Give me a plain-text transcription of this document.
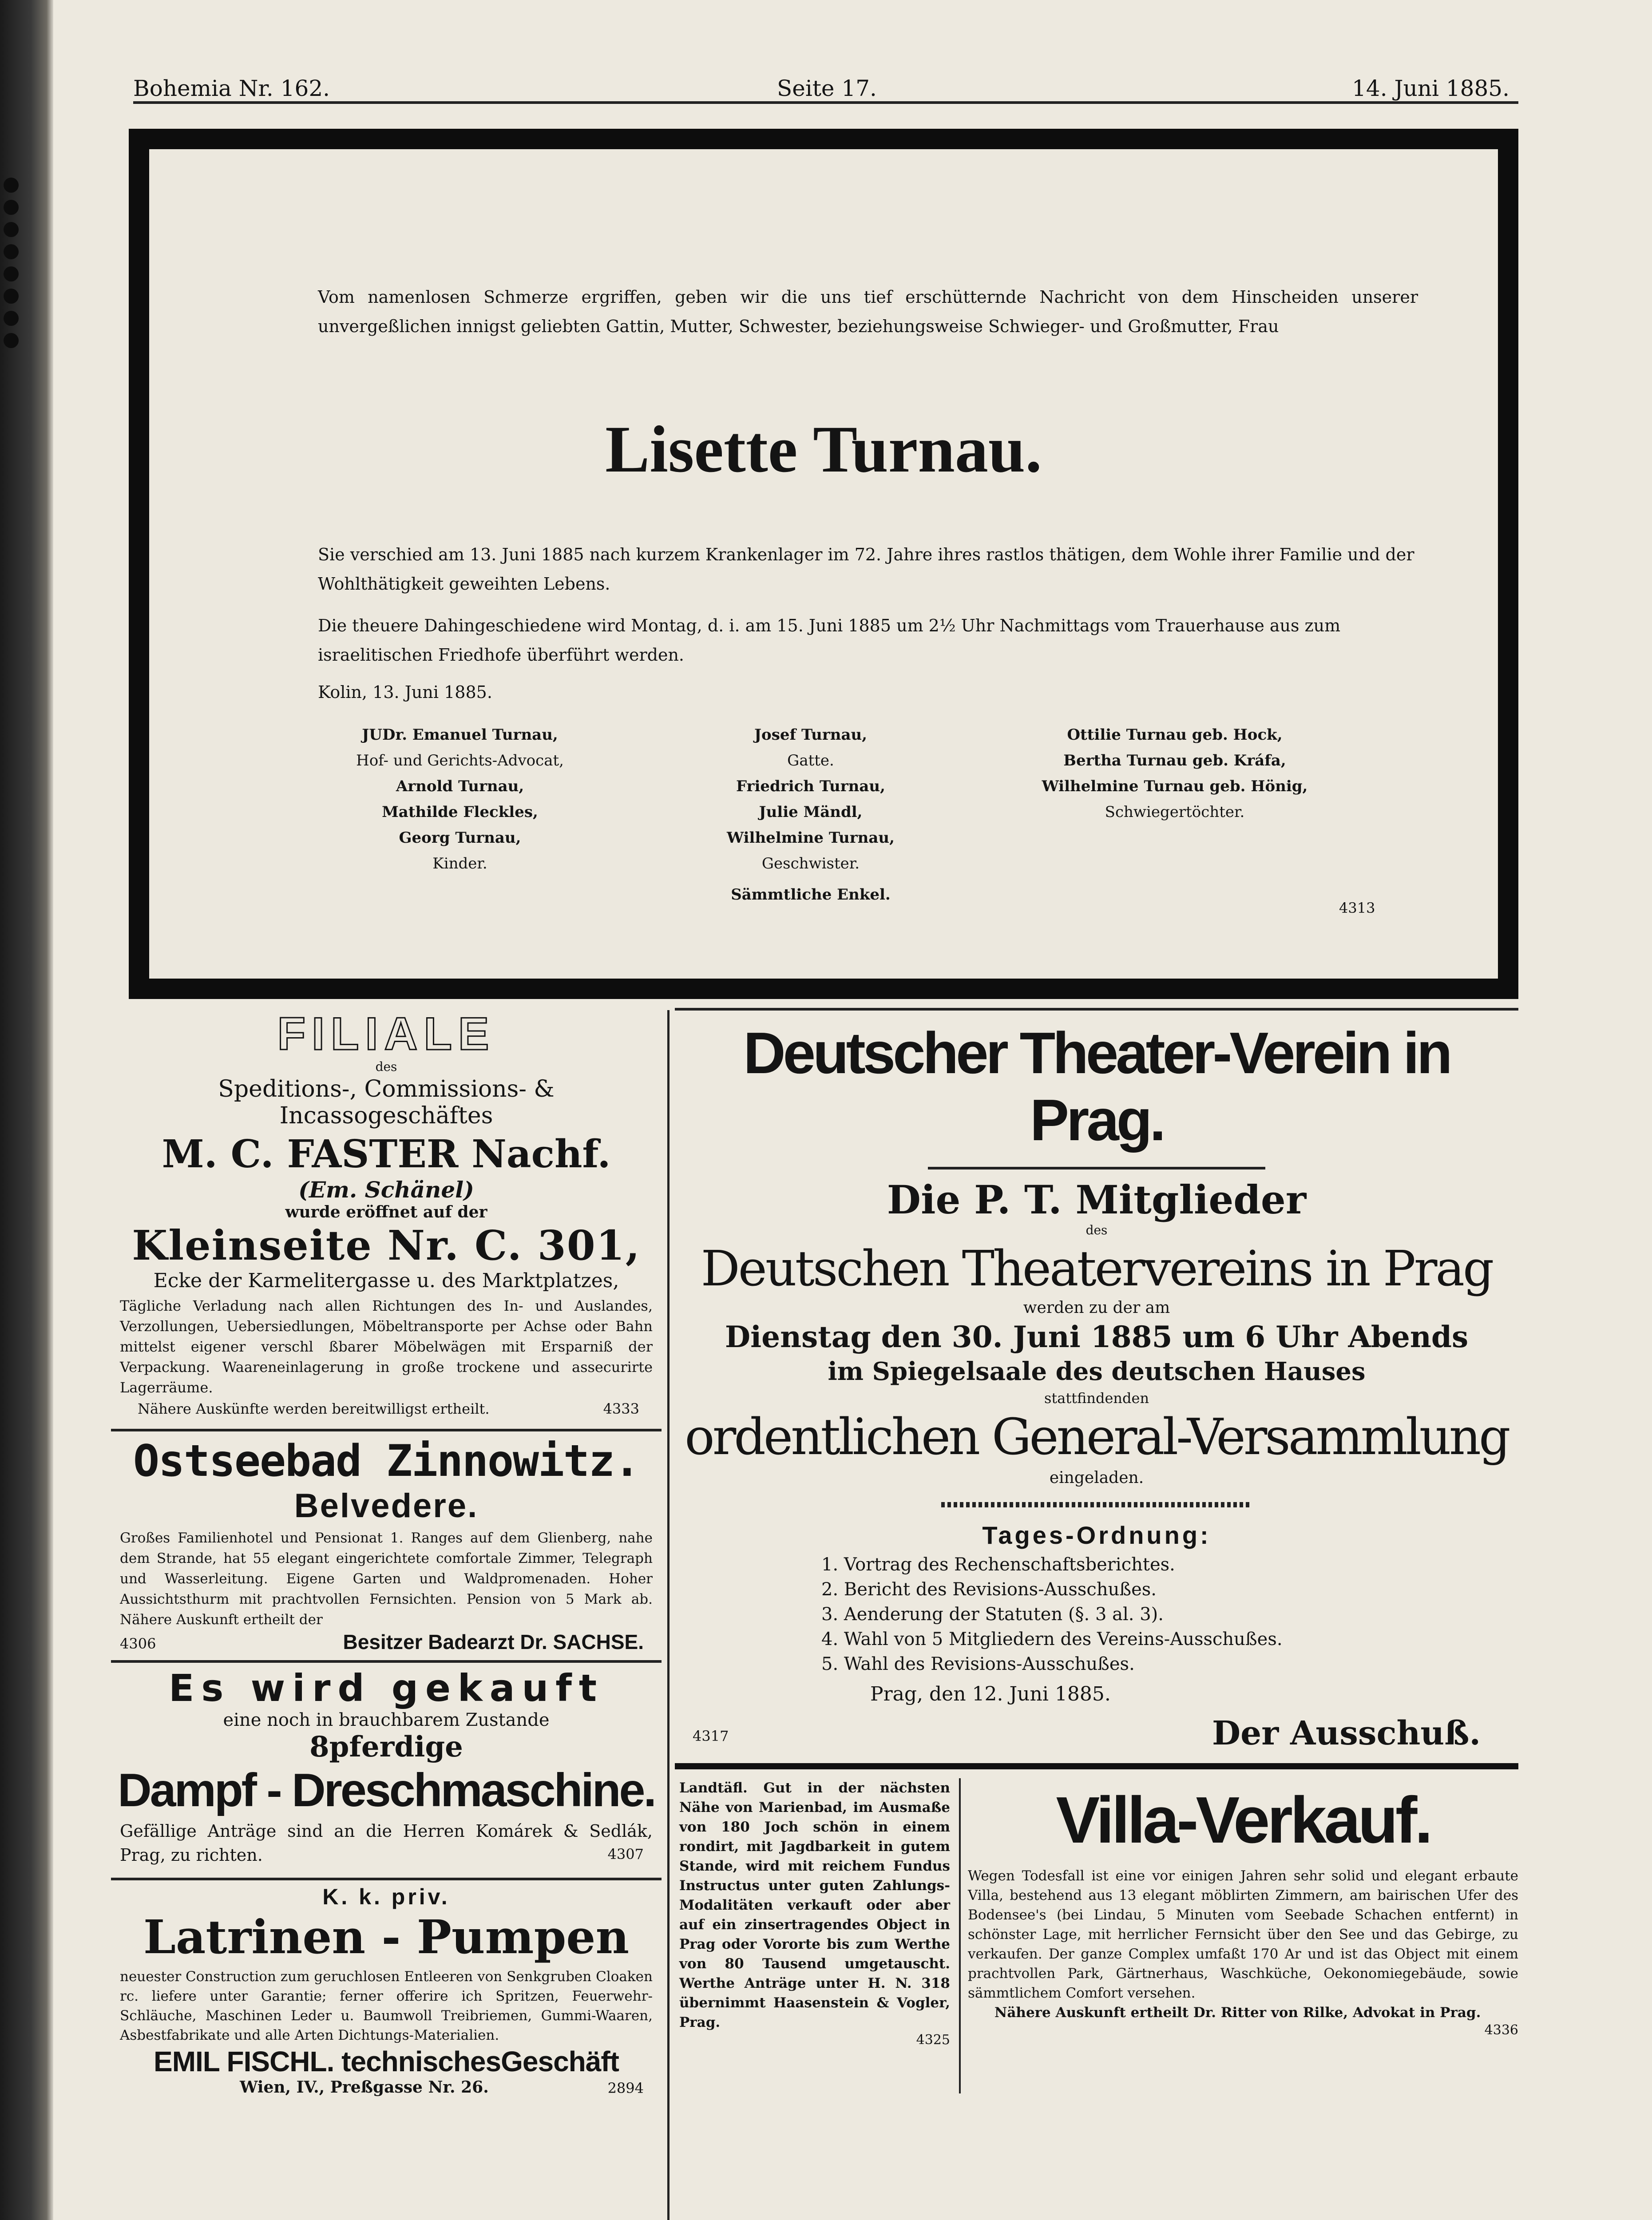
Bohemia Nr. 162.	Seite 17.	14. Juni 1885.
Vom namenlosen Schmerze ergriffen, geben wir die uns tief erschütternde Nachricht von dem Hinscheiden unserer unvergeßlichen innigst geliebten Gattin, Mutter, Schwester, beziehungsweise Schwieger- und Großmutter, Frau
Lisette Turnau.
Sie verschied am 13. Juni 1885 nach kurzem Krankenlager im 72. Jahre ihres rastlos thätigen, dem Wohle ihrer Familie und der Wohlthätigkeit geweihten Lebens.
Die theuere Dahingeschiedene wird Montag, d. i. am 15. Juni 1885 um 2½ Uhr Nachmittags vom Trauerhause aus zum israelitischen Friedhofe überführt werden.
Kolin, 13. Juni 1885.
JUDr. Emanuel Turnau,
Hof- und Gerichts-Advocat,
Arnold Turnau,
Mathilde Fleckles,
Georg Turnau,
Kinder.
Josef Turnau,
Gatte.
Friedrich Turnau,
Julie Mändl,
Wilhelmine Turnau,
Geschwister.
Sämmtliche Enkel.
Ottilie Turnau geb. Hock,
Bertha Turnau geb. Kráfa,
Wilhelmine Turnau geb. Hönig,
Schwiegertöchter.
4313
FILIALE
des
Speditions-, Commissions- & Incassogeschäftes
M. C. FASTER Nachf.
(Em. Schänel)
wurde eröffnet auf der
Kleinseite Nr. C. 301,
Ecke der Karmelitergasse u. des Marktplatzes,
Tägliche Verladung nach allen Richtungen des In- und Auslandes, Verzollungen, Uebersiedlungen, Möbeltransporte per Achse oder Bahn mittelst eigener verschl ßbarer Möbelwägen mit Ersparniß der Verpackung. Waareneinlagerung in große trockene und assecurirte Lagerräume.
Nähere Auskünfte werden bereitwilligst ertheilt.	4333
Ostseebad Zinnowitz.
Belvedere.
Großes Familienhotel und Pensionat 1. Ranges auf dem Glienberg, nahe dem Strande, hat 55 elegant eingerichtete comfortale Zimmer, Telegraph und Wasserleitung. Eigene Garten und Waldpromenaden. Hoher Aussichtsthurm mit prachtvollen Fernsichten. Pension von 5 Mark ab. Nähere Auskunft ertheilt der
4306	Besitzer Badearzt Dr. SACHSE.
Es wird gekauft
eine noch in brauchbarem Zustande
8pferdige
Dampf - Dreschmaschine.
Gefällige Anträge sind an die Herren Komárek & Sedlák, Prag, zu richten.	4307
K. k. priv.
Latrinen - Pumpen
neuester Construction zum geruchlosen Entleeren von Senkgruben Cloaken rc. liefere unter Garantie; ferner offerire ich Spritzen, Feuerwehr-Schläuche, Maschinen Leder u. Baumwoll Treibriemen, Gummi-Waaren, Asbestfabrikate und alle Arten Dichtungs-Materialien.
EMIL FISCHL. technischesGeschäft
Wien, IV., Preßgasse Nr. 26.	2894
Deutscher Theater-Verein in Prag.
Die P. T. Mitglieder
des
Deutschen Theatervereins in Prag
werden zu der am
Dienstag den 30. Juni 1885 um 6 Uhr Abends
im Spiegelsaale des deutschen Hauses
stattfindenden
ordentlichen General-Versammlung
eingeladen.
Tages-Ordnung:
1. Vortrag des Rechenschaftsberichtes.
2. Bericht des Revisions-Ausschußes.
3. Aenderung der Statuten (§. 3 al. 3).
4. Wahl von 5 Mitgliedern des Vereins-Ausschußes.
5. Wahl des Revisions-Ausschußes.
Prag, den 12. Juni 1885.
4317	Der Ausschuß.
Landtäfl. Gut in der nächsten Nähe von Marienbad, im Ausmaße von 180 Joch schön in einem rondirt, mit Jagdbarkeit in gutem Stande, wird mit reichem Fundus Instructus unter guten Zahlungs-Modalitäten verkauft oder aber auf ein zinsertragendes Object in Prag oder Vororte bis zum Werthe von 80 Tausend umgetauscht. Werthe Anträge unter H. N. 318 übernimmt Haasenstein & Vogler, Prag.
4325
Villa-Verkauf.
Wegen Todesfall ist eine vor einigen Jahren sehr solid und elegant erbaute Villa, bestehend aus 13 elegant möblirten Zimmern, am bairischen Ufer des Bodensee's (bei Lindau, 5 Minuten vom Seebade Schachen entfernt) in schönster Lage, mit herrlicher Fernsicht über den See und das Gebirge, zu verkaufen. Der ganze Complex umfaßt 170 Ar und ist das Object mit einem prachtvollen Park, Gärtnerhaus, Waschküche, Oekonomiegebäude, sowie sämmtlichem Comfort versehen.
Nähere Auskunft ertheilt Dr. Ritter von Rilke, Advokat in Prag.
4336
